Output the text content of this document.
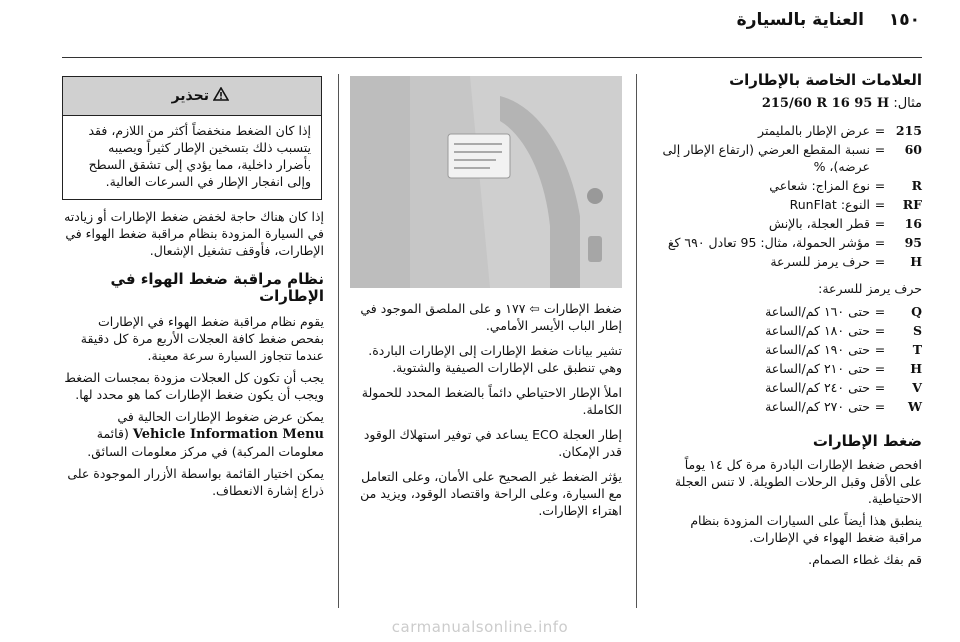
العناية بالسيارة ١٥٠
العلامات الخاصة بالإطارات
مثال: 215/60 R 16 95 H
215	=	عرض الإطار بالمليمتر
60	=	نسبة المقطع العرضي (ارتفاع الإطار إلى عرضه)، %
R	=	نوع المزاج: شعاعي
RF	=	النوع: RunFlat
16	=	قطر العجلة، بالإنش
95	=	مؤشر الحمولة، مثال: 95 تعادل ٦٩٠ كغ
H	=	حرف يرمز للسرعة
حرف يرمز للسرعة:
Q	=	حتى ١٦٠ كم/الساعة
S	=	حتى ١٨٠ كم/الساعة
T	=	حتى ١٩٠ كم/الساعة
H	=	حتى ٢١٠ كم/الساعة
V	=	حتى ٢٤٠ كم/الساعة
W	=	حتى ٢٧٠ كم/الساعة
ضغط الإطارات

افحص ضغط الإطارات البادرة مرة كل ١٤ يوماً على الأقل وقبل الرحلات الطويلة. لا تنس العجلة الاحتياطية.

ينطبق هذا أيضاً على السيارات المزودة بنظام مراقبة ضغط الهواء في الإطارات.

قم بفك غطاء الصمام.

ضغط الإطارات ⇦ ١٧٧ و على الملصق الموجود في إطار الباب الأيسر الأمامي.

تشير بيانات ضغط الإطارات إلى الإطارات الباردة. وهي تنطبق على الإطارات الصيفية والشتوية.

املأ الإطار الاحتياطي دائماً بالضغط المحدد للحمولة الكاملة.

إطار العجلة ECO يساعد في توفير استهلاك الوقود قدر الإمكان.

يؤثر الضغط غير الصحيح على الأمان، وعلى التعامل مع السيارة، وعلى الراحة واقتصاد الوقود، ويزيد من اهتراء الإطارات.

تحذير
إذا كان الضغط منخفضاً أكثر من اللازم، فقد يتسبب ذلك بتسخين الإطار كثيراً ويصيبه بأضرار داخلية، مما يؤدي إلى تشقق السطح وإلى انفجار الإطار في السرعات العالية.

إذا كان هناك حاجة لخفض ضغط الإطارات أو زيادته في السيارة المزودة بنظام مراقبة ضغط الهواء في الإطارات، فأوقف تشغيل الإشعال.

نظام مراقبة ضغط الهواء في الإطارات

يقوم نظام مراقبة ضغط الهواء في الإطارات بفحص ضغط كافة العجلات الأربع مرة كل دقيقة عندما تتجاوز السيارة سرعة معينة.

يجب أن تكون كل العجلات مزودة بمجسات الضغط ويجب أن يكون ضغط الإطارات كما هو محدد لها.

يمكن عرض ضغوط الإطارات الحالية في Vehicle Information Menu (قائمة معلومات المركبة) في مركز معلومات السائق.

يمكن اختيار القائمة بواسطة الأزرار الموجودة على ذراع إشارة الانعطاف.

carmanualsonline.info
